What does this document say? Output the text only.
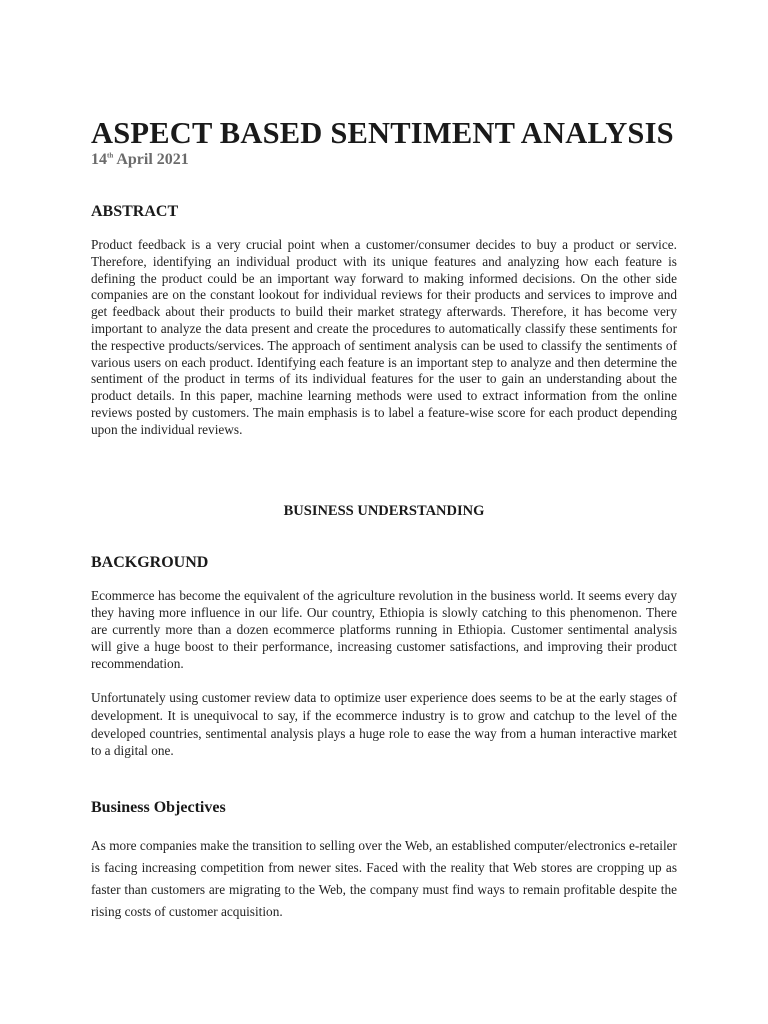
ASPECT BASED SENTIMENT ANALYSIS
14th April 2021
ABSTRACT

Product feedback is a very crucial point when a customer/consumer decides to buy a product or service. Therefore, identifying an individual product with its unique features and analyzing how each feature is defining the product could be an important way forward to making informed decisions. On the other side companies are on the constant lookout for individual reviews for their products and services to improve and get feedback about their products to build their market strategy afterwards. Therefore, it has become very important to analyze the data present and create the procedures to automatically classify these sentiments for the respective products/services. The approach of sentiment analysis can be used to classify the sentiments of various users on each product. Identifying each feature is an important step to analyze and then determine the sentiment of the product in terms of its individual features for the user to gain an understanding about the product details. In this paper, machine learning methods were used to extract information from the online reviews posted by customers. The main emphasis is to label a feature-wise score for each product depending upon the individual reviews.

BUSINESS UNDERSTANDING
BACKGROUND

Ecommerce has become the equivalent of the agriculture revolution in the business world. It seems every day they having more influence in our life. Our country, Ethiopia is slowly catching to this phenomenon. There are currently more than a dozen ecommerce platforms running in Ethiopia. Customer sentimental analysis will give a huge boost to their performance, increasing customer satisfactions, and improving their product recommendation.

Unfortunately using customer review data to optimize user experience does seems to be at the early stages of development. It is unequivocal to say, if the ecommerce industry is to grow and catchup to the level of the developed countries, sentimental analysis plays a huge role to ease the way from a human interactive market to a digital one.

Business Objectives

As more companies make the transition to selling over the Web, an established computer/electronics e-retailer is facing increasing competition from newer sites. Faced with the reality that Web stores are cropping up as faster than customers are migrating to the Web, the company must find ways to remain profitable despite the rising costs of customer acquisition.
